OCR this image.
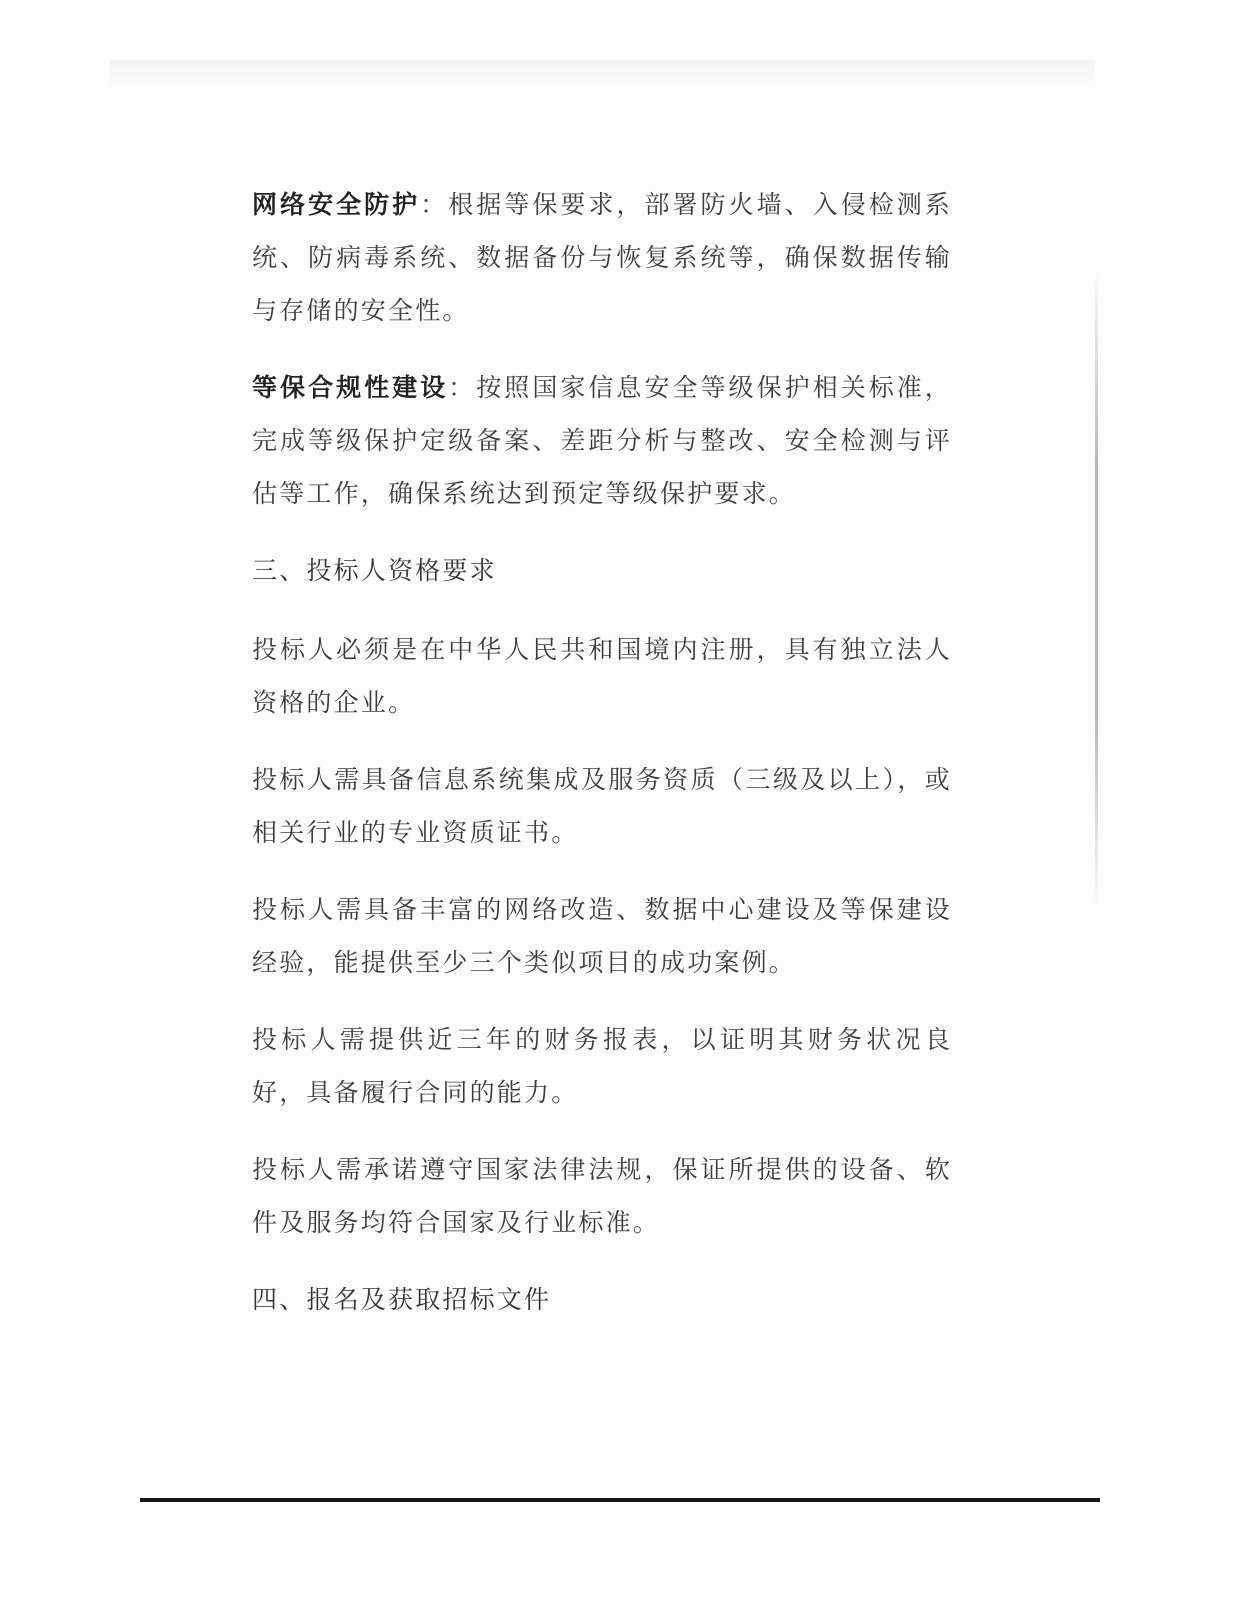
网络安全防护：根据等保要求，部署防火墙、入侵检测系统、防病毒系统、数据备份与恢复系统等，确保数据传输与存储的安全性。

等保合规性建设：按照国家信息安全等级保护相关标准，完成等级保护定级备案、差距分析与整改、安全检测与评估等工作，确保系统达到预定等级保护要求。

三、投标人资格要求

投标人必须是在中华人民共和国境内注册，具有独立法人资格的企业。

投标人需具备信息系统集成及服务资质（三级及以上），或相关行业的专业资质证书。

投标人需具备丰富的网络改造、数据中心建设及等保建设经验，能提供至少三个类似项目的成功案例。

投标人需提供近三年的财务报表，以证明其财务状况良好，具备履行合同的能力。

投标人需承诺遵守国家法律法规，保证所提供的设备、软件及服务均符合国家及行业标准。

四、报名及获取招标文件
